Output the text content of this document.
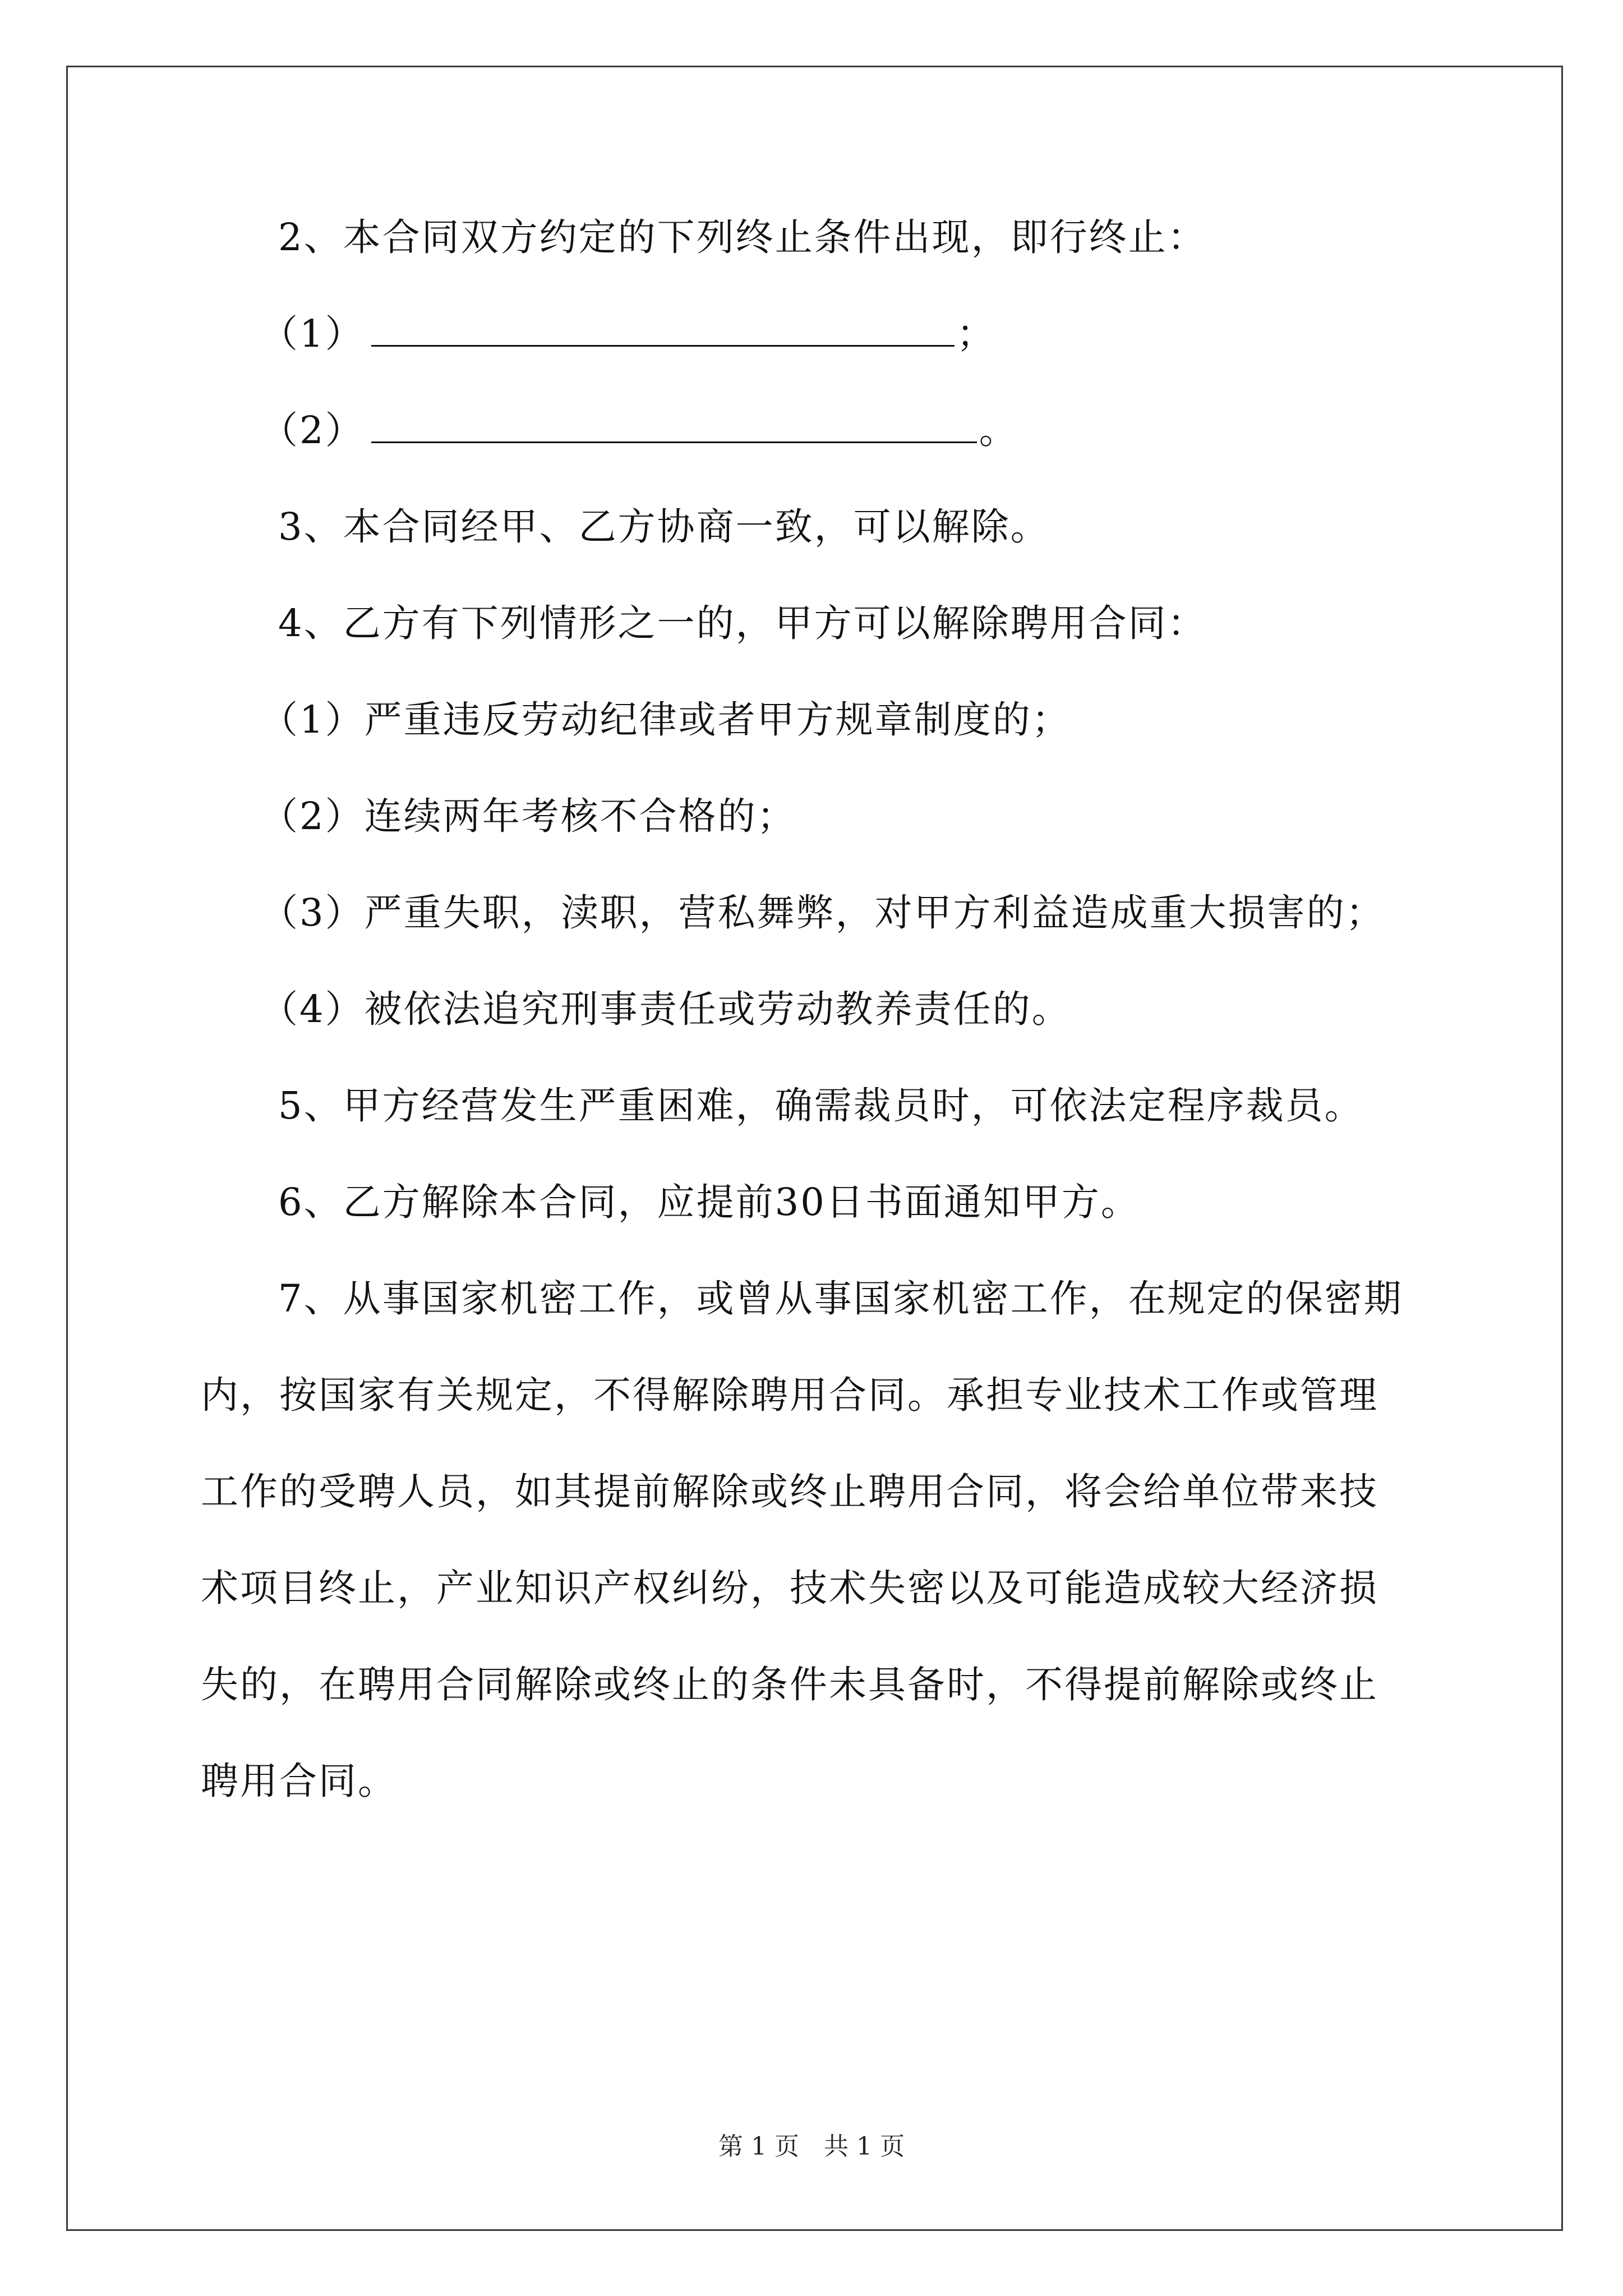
2、本合同双方约定的下列终止条件出现，即行终止：
（1）	；
（2）	。
3、本合同经甲、乙方协商一致，可以解除。
4、乙方有下列情形之一的，甲方可以解除聘用合同：
（1）严重违反劳动纪律或者甲方规章制度的；
（2）连续两年考核不合格的；
（3）严重失职，渎职，营私舞弊，对甲方利益造成重大损害的；
（4）被依法追究刑事责任或劳动教养责任的。
5、甲方经营发生严重困难，确需裁员时，可依法定程序裁员。
6、乙方解除本合同，应提前30日书面通知甲方。
7、从事国家机密工作，或曾从事国家机密工作，在规定的保密期
内，按国家有关规定，不得解除聘用合同。承担专业技术工作或管理
工作的受聘人员，如其提前解除或终止聘用合同，将会给单位带来技
术项目终止，产业知识产权纠纷，技术失密以及可能造成较大经济损
失的，在聘用合同解除或终止的条件未具备时，不得提前解除或终止
聘用合同。
第 1 页　共 1 页
